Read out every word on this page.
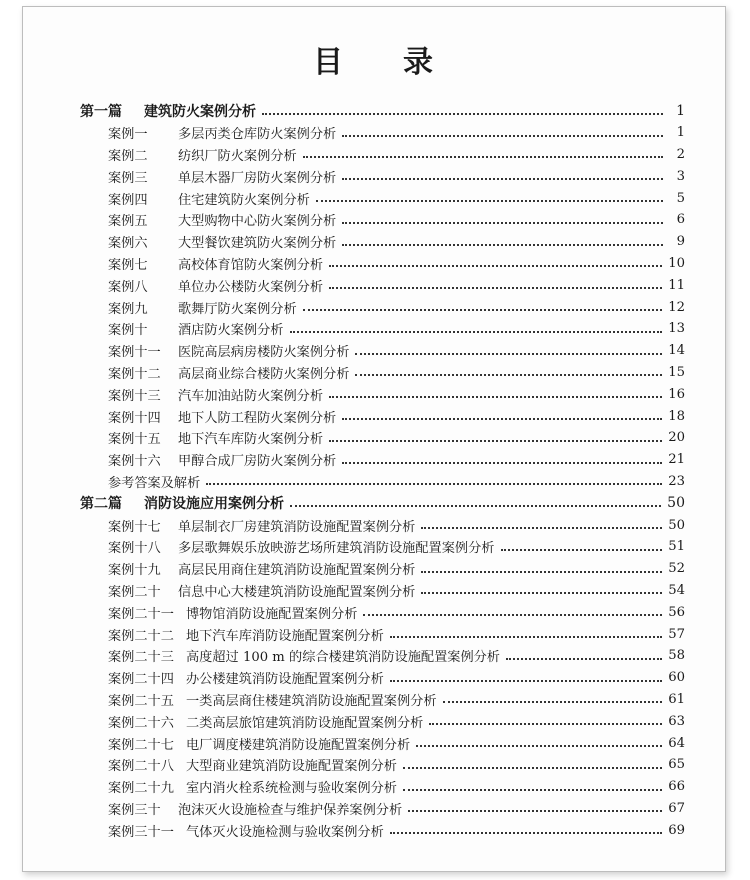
目 录
第一篇	建筑防火案例分析	1
案例一	多层丙类仓库防火案例分析	1
案例二	纺织厂防火案例分析	2
案例三	单层木器厂房防火案例分析	3
案例四	住宅建筑防火案例分析	5
案例五	大型购物中心防火案例分析	6
案例六	大型餐饮建筑防火案例分析	9
案例七	高校体育馆防火案例分析	10
案例八	单位办公楼防火案例分析	11
案例九	歌舞厅防火案例分析	12
案例十	酒店防火案例分析	13
案例十一	医院高层病房楼防火案例分析	14
案例十二	高层商业综合楼防火案例分析	15
案例十三	汽车加油站防火案例分析	16
案例十四	地下人防工程防火案例分析	18
案例十五	地下汽车库防火案例分析	20
案例十六	甲醇合成厂房防火案例分析	21
参考答案及解析	23
第二篇	消防设施应用案例分析	50
案例十七	单层制衣厂房建筑消防设施配置案例分析	50
案例十八	多层歌舞娱乐放映游艺场所建筑消防设施配置案例分析	51
案例十九	高层民用商住建筑消防设施配置案例分析	52
案例二十	信息中心大楼建筑消防设施配置案例分析	54
案例二十一 博物馆消防设施配置案例分析	56
案例二十二 地下汽车库消防设施配置案例分析	57
案例二十三 高度超过 100 m 的综合楼建筑消防设施配置案例分析	58
案例二十四 办公楼建筑消防设施配置案例分析	60
案例二十五 一类高层商住楼建筑消防设施配置案例分析	61
案例二十六 二类高层旅馆建筑消防设施配置案例分析	63
案例二十七 电厂调度楼建筑消防设施配置案例分析	64
案例二十八 大型商业建筑消防设施配置案例分析	65
案例二十九 室内消火栓系统检测与验收案例分析	66
案例三十	泡沫灭火设施检查与维护保养案例分析	67
案例三十一 气体灭火设施检测与验收案例分析	69
